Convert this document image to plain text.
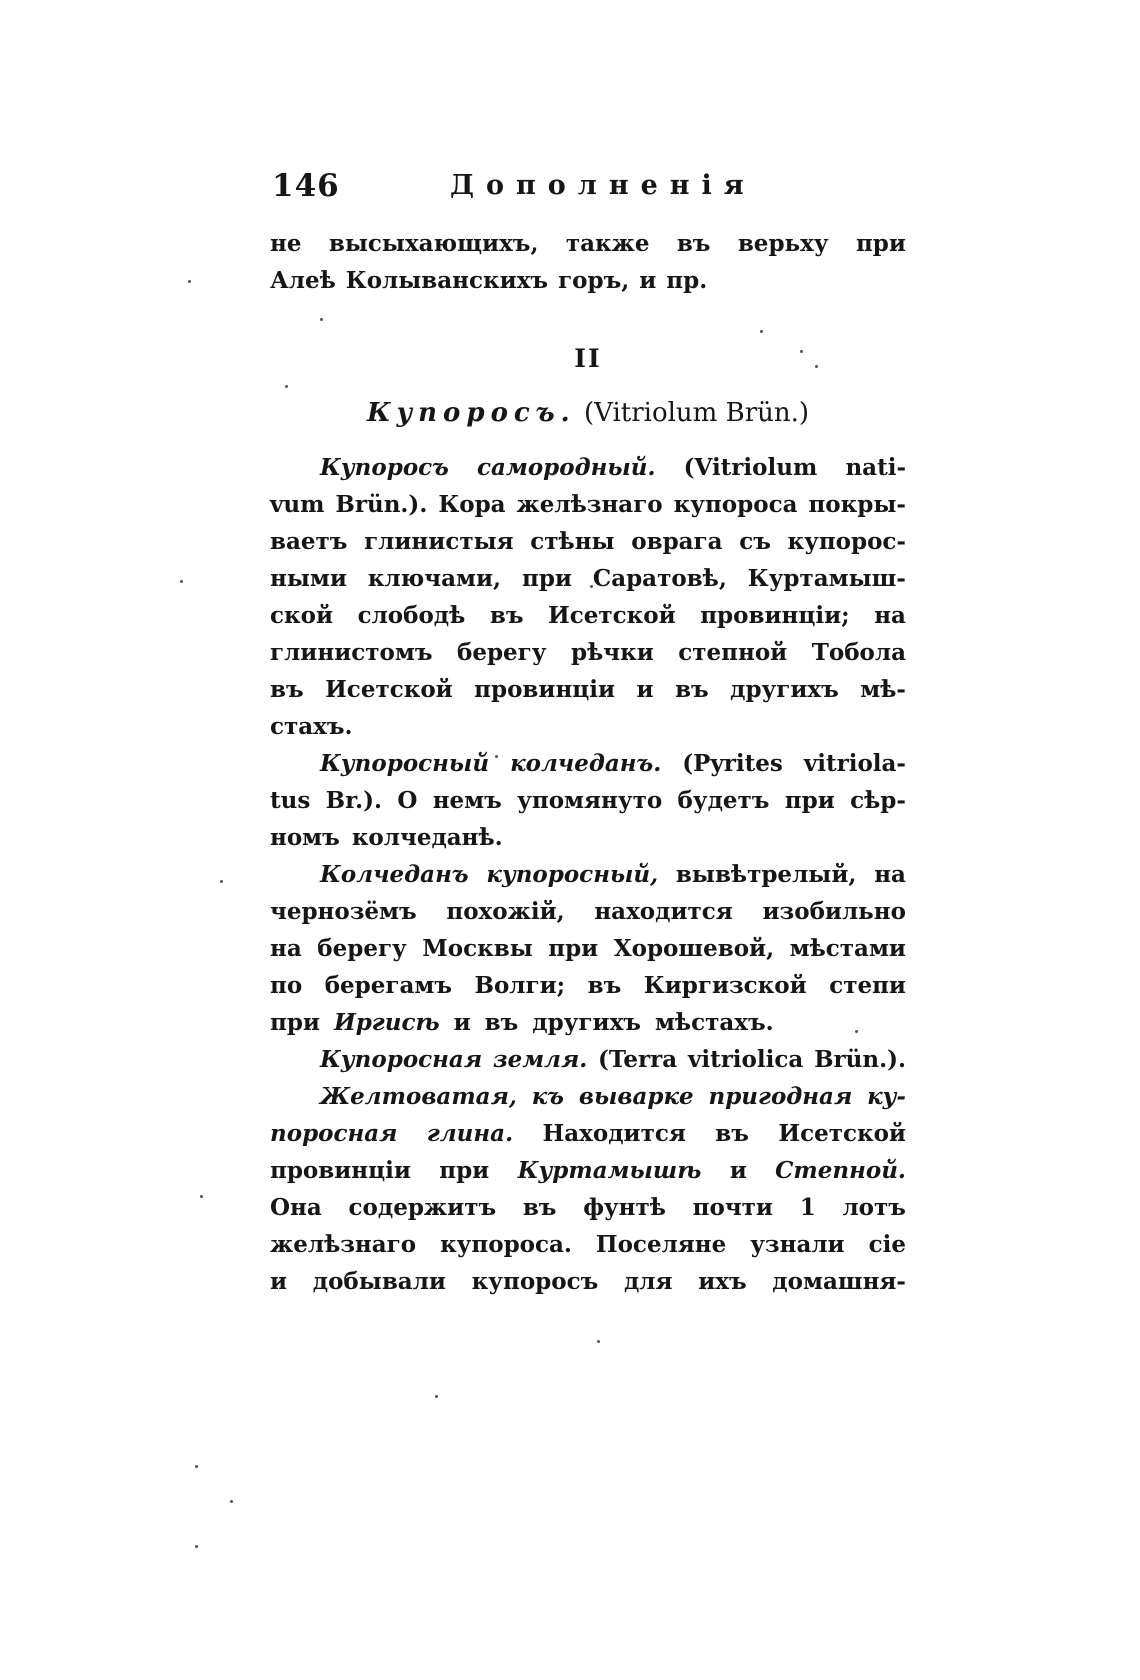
146	Дополненія
не высыхающихъ, также въ верьху при
Алеѣ Колыванскихъ горъ, и пр.
II
Купоросъ. (Vitriolum Brün.)
Купоросъ самородный. (Vitriolum nati-
vum Brün.). Кора желѣзнаго купороса покры-
ваетъ глинистыя стѣны оврага съ купорос-
ными ключами, при Саратовѣ, Куртамыш-
ской слободѣ въ Исетской провинціи; на
глинистомъ берегу рѣчки степной Тобола
въ Исетской провинціи и въ другихъ мѣ-
стахъ.
Купоросный колчеданъ. (Pyrites vitriola-
tus Br.). О немъ упомянуто будетъ при сѣр-
номъ колчеданѣ.
Колчеданъ купоросный, вывѣтрелый, на
чернозёмъ похожій, находится изобильно
на берегу Москвы при Хорошевой, мѣстами
по берегамъ Волги; въ Киргизской степи
при Иргисѣ и въ другихъ мѣстахъ.
Купоросная земля. (Terra vitriolica Brün.).
Желтоватая, къ выварке пригодная ку-
поросная глина. Находится въ Исетской
провинціи при Куртамышѣ и Степной.
Она содержитъ въ фунтѣ почти 1 лотъ
желѣзнаго купороса. Поселяне узнали сіе
и добывали купоросъ для ихъ домашня-
